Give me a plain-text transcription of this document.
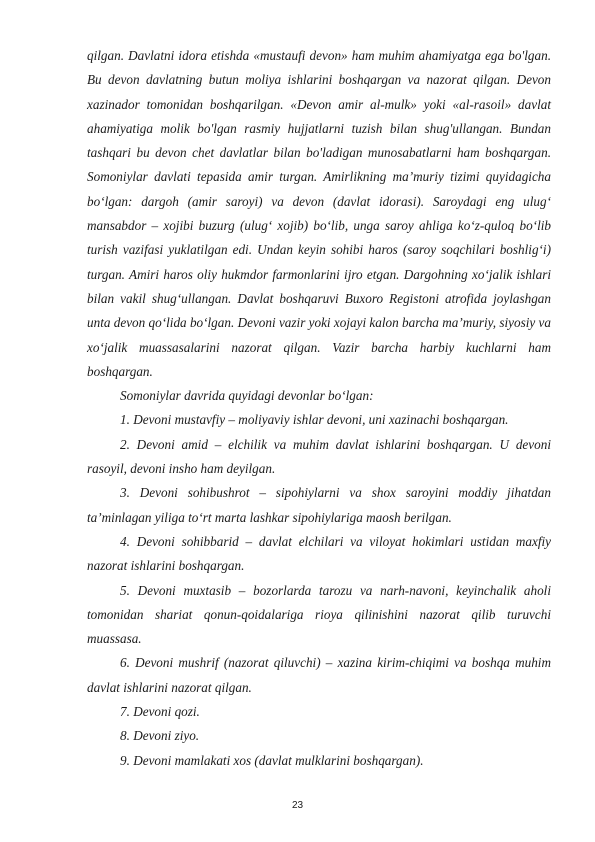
qilgan. Davlatni idora etishda «mustaufi devon» ham muhim ahamiyatga ega bo'lgan. Bu devon davlatning butun moliya ishlarini boshqargan va nazorat qilgan. Devon xazinador tomonidan boshqarilgan. «Devon amir al-mulk» yoki «al-rasoil» davlat ahamiyatiga molik bo'lgan rasmiy hujjatlarni tuzish bilan shug'ullangan. Bundan tashqari bu devon chet davlatlar bilan bo'ladigan munosabatlarni ham boshqargan. Somoniylar davlati tepasida amir turgan. Amirlikning ma’muriy tizimi quyidagicha bo‘lgan: dargoh (amir saroyi) va devon (davlat idorasi). Saroydagi eng ulug‘ mansabdor – xojibi buzurg (ulug‘ xojib) bo‘lib, unga saroy ahliga ko‘z-quloq bo‘lib turish vazifasi yuklatilgan edi. Undan keyin sohibi haros (saroy soqchilari boshlig‘i) turgan. Amiri haros oliy hukmdor farmonlarini ijro etgan. Dargohning xo‘jalik ishlari bilan vakil shug‘ullangan. Davlat boshqaruvi Buxoro Registoni atrofida joylashgan unta devon qo‘lida bo‘lgan. Devoni vazir yoki xojayi kalon barcha ma’muriy, siyosiy va xo‘jalik muassasalarini nazorat qilgan. Vazir barcha harbiy kuchlarni ham boshqargan.

Somoniylar davrida quyidagi devonlar bo‘lgan:

1. Devoni mustavfiy – moliyaviy ishlar devoni, uni xazinachi boshqargan.

2. Devoni amid – elchilik va muhim davlat ishlarini boshqargan. U devoni rasoyil, devoni insho ham deyilgan.

3. Devoni sohibushrot – sipohiylarni va shox saroyini moddiy jihatdan ta’minlagan yiliga to‘rt marta lashkar sipohiylariga maosh berilgan.

4. Devoni sohibbarid – davlat elchilari va viloyat hokimlari ustidan maxfiy nazorat ishlarini boshqargan.

5. Devoni muxtasib – bozorlarda tarozu va narh-navoni, keyinchalik aholi tomonidan shariat qonun-qoidalariga rioya qilinishini nazorat qilib turuvchi muassasa.

6. Devoni mushrif (nazorat qiluvchi) – xazina kirim-chiqimi va boshqa muhim davlat ishlarini nazorat qilgan.

7. Devoni qozi.

8. Devoni ziyo.

9. Devoni mamlakati xos (davlat mulklarini boshqargan).

23
